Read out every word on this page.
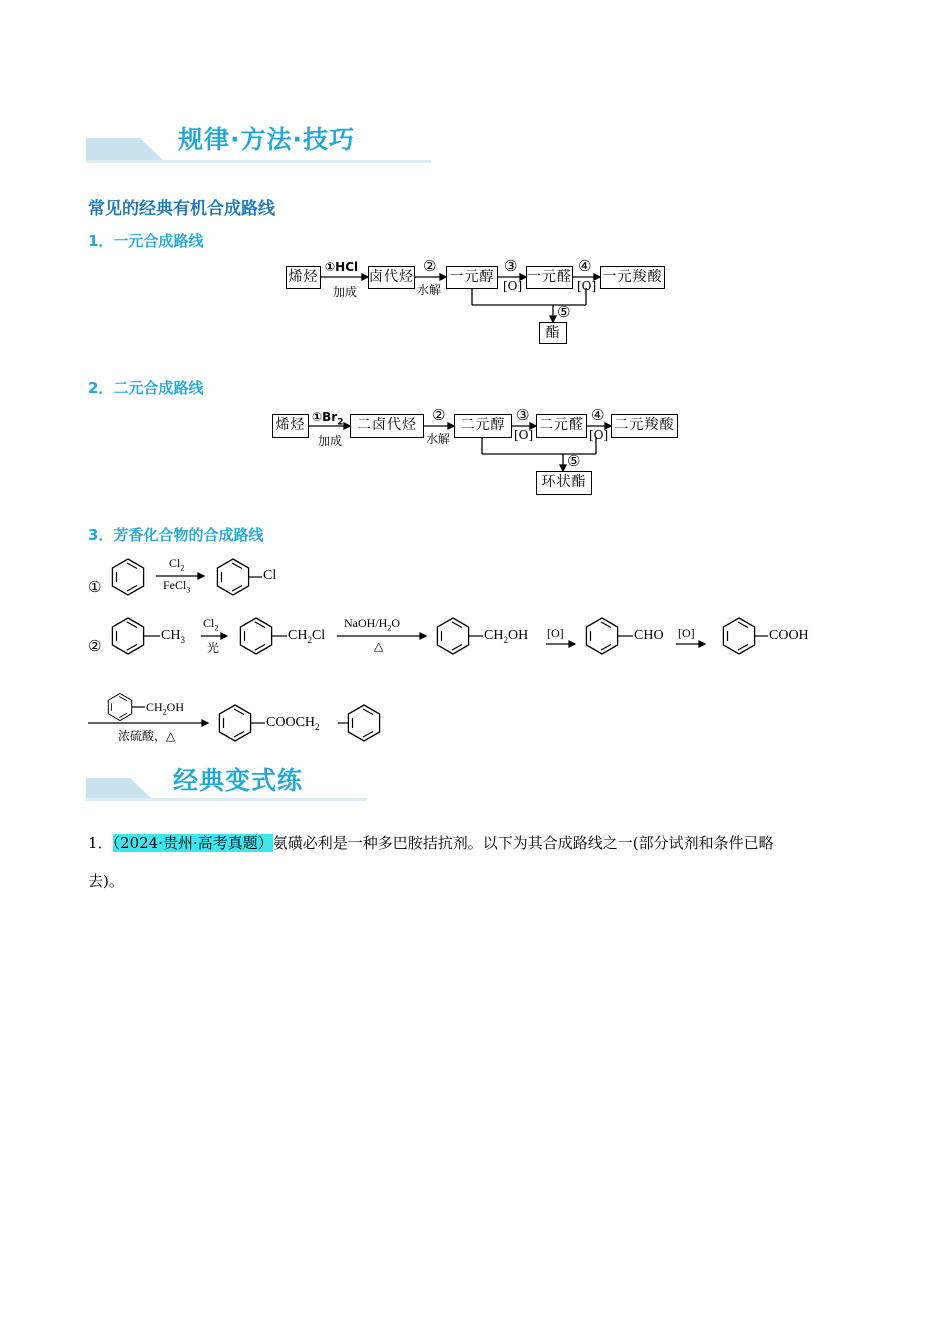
规律·方法·技巧
常见的经典有机合成路线
1．一元合成路线
烯烃	卤代烃	一元醇 一元醛 一元羧酸
酯
①HCl
加成
②
水解
③
[O]
④
[O]
⑤
2．二元合成路线
烯烃	二卤代烃	二元醇	二元醛 二元羧酸
环状酯
$①Br_2$
加成
②
水解
③
[O]
④
[O]
⑤
3．芳香化合物的合成路线
①
$Cl_2$
FeCl$_3$
Cl
②
$CH_3$
$Cl_2$
光
$CH_2Cl$
NaOH/$H_2O$
△
$CH_2OH$ [O]	CHO [O]	COOH
$CH_2OH$
浓硫酸，△
$COOCH_2$
经典变式练
1．（2024·贵州·高考真题）氨磺必利是一种多巴胺拮抗剂。以下为其合成路线之一(部分试剂和条件已略
去)。
